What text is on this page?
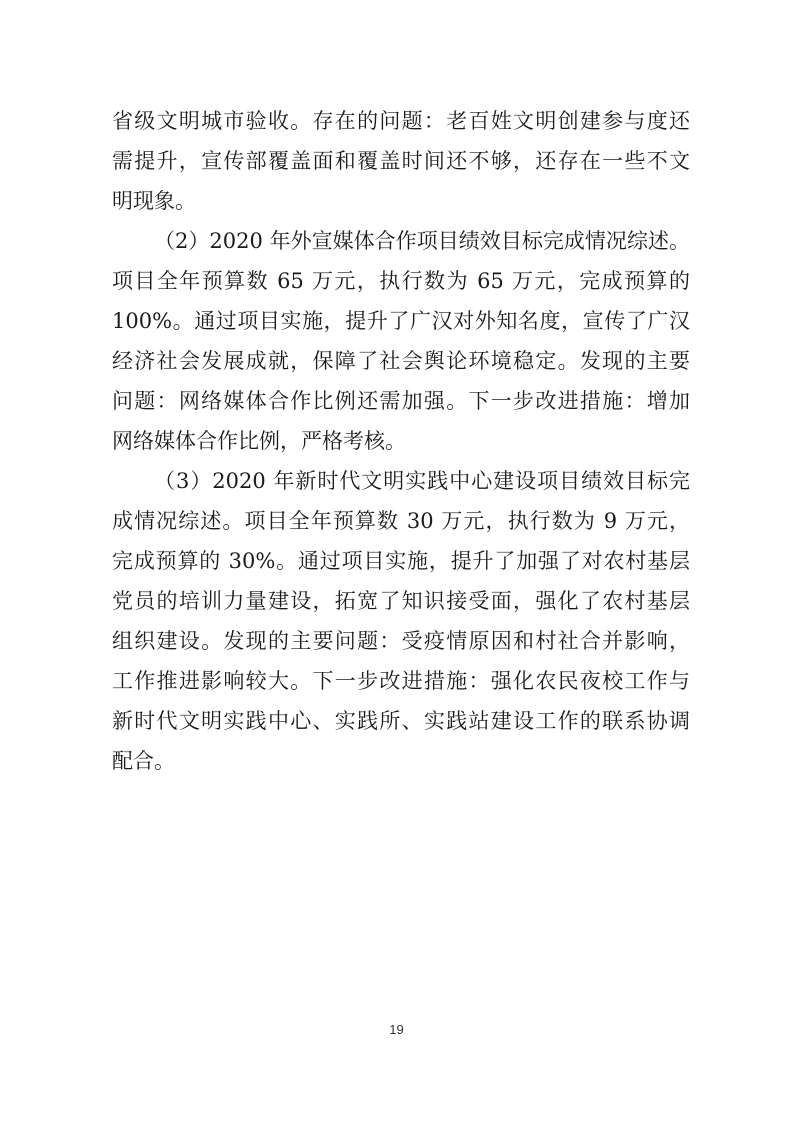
省级文明城市验收。存在的问题：老百姓文明创建参与度还
需提升，宣传部覆盖面和覆盖时间还不够，还存在一些不文
明现象。
（2）2020 年外宣媒体合作项目绩效目标完成情况综述。
项目全年预算数 65 万元，执行数为 65 万元，完成预算的
100%。通过项目实施，提升了广汉对外知名度，宣传了广汉
经济社会发展成就，保障了社会舆论环境稳定。发现的主要
问题：网络媒体合作比例还需加强。下一步改进措施：增加
网络媒体合作比例，严格考核。
（3）2020 年新时代文明实践中心建设项目绩效目标完
成情况综述。项目全年预算数 30 万元，执行数为 9 万元，
完成预算的 30%。通过项目实施，提升了加强了对农村基层
党员的培训力量建设，拓宽了知识接受面，强化了农村基层
组织建设。发现的主要问题：受疫情原因和村社合并影响，
工作推进影响较大。下一步改进措施：强化农民夜校工作与
新时代文明实践中心、实践所、实践站建设工作的联系协调
配合。
19
